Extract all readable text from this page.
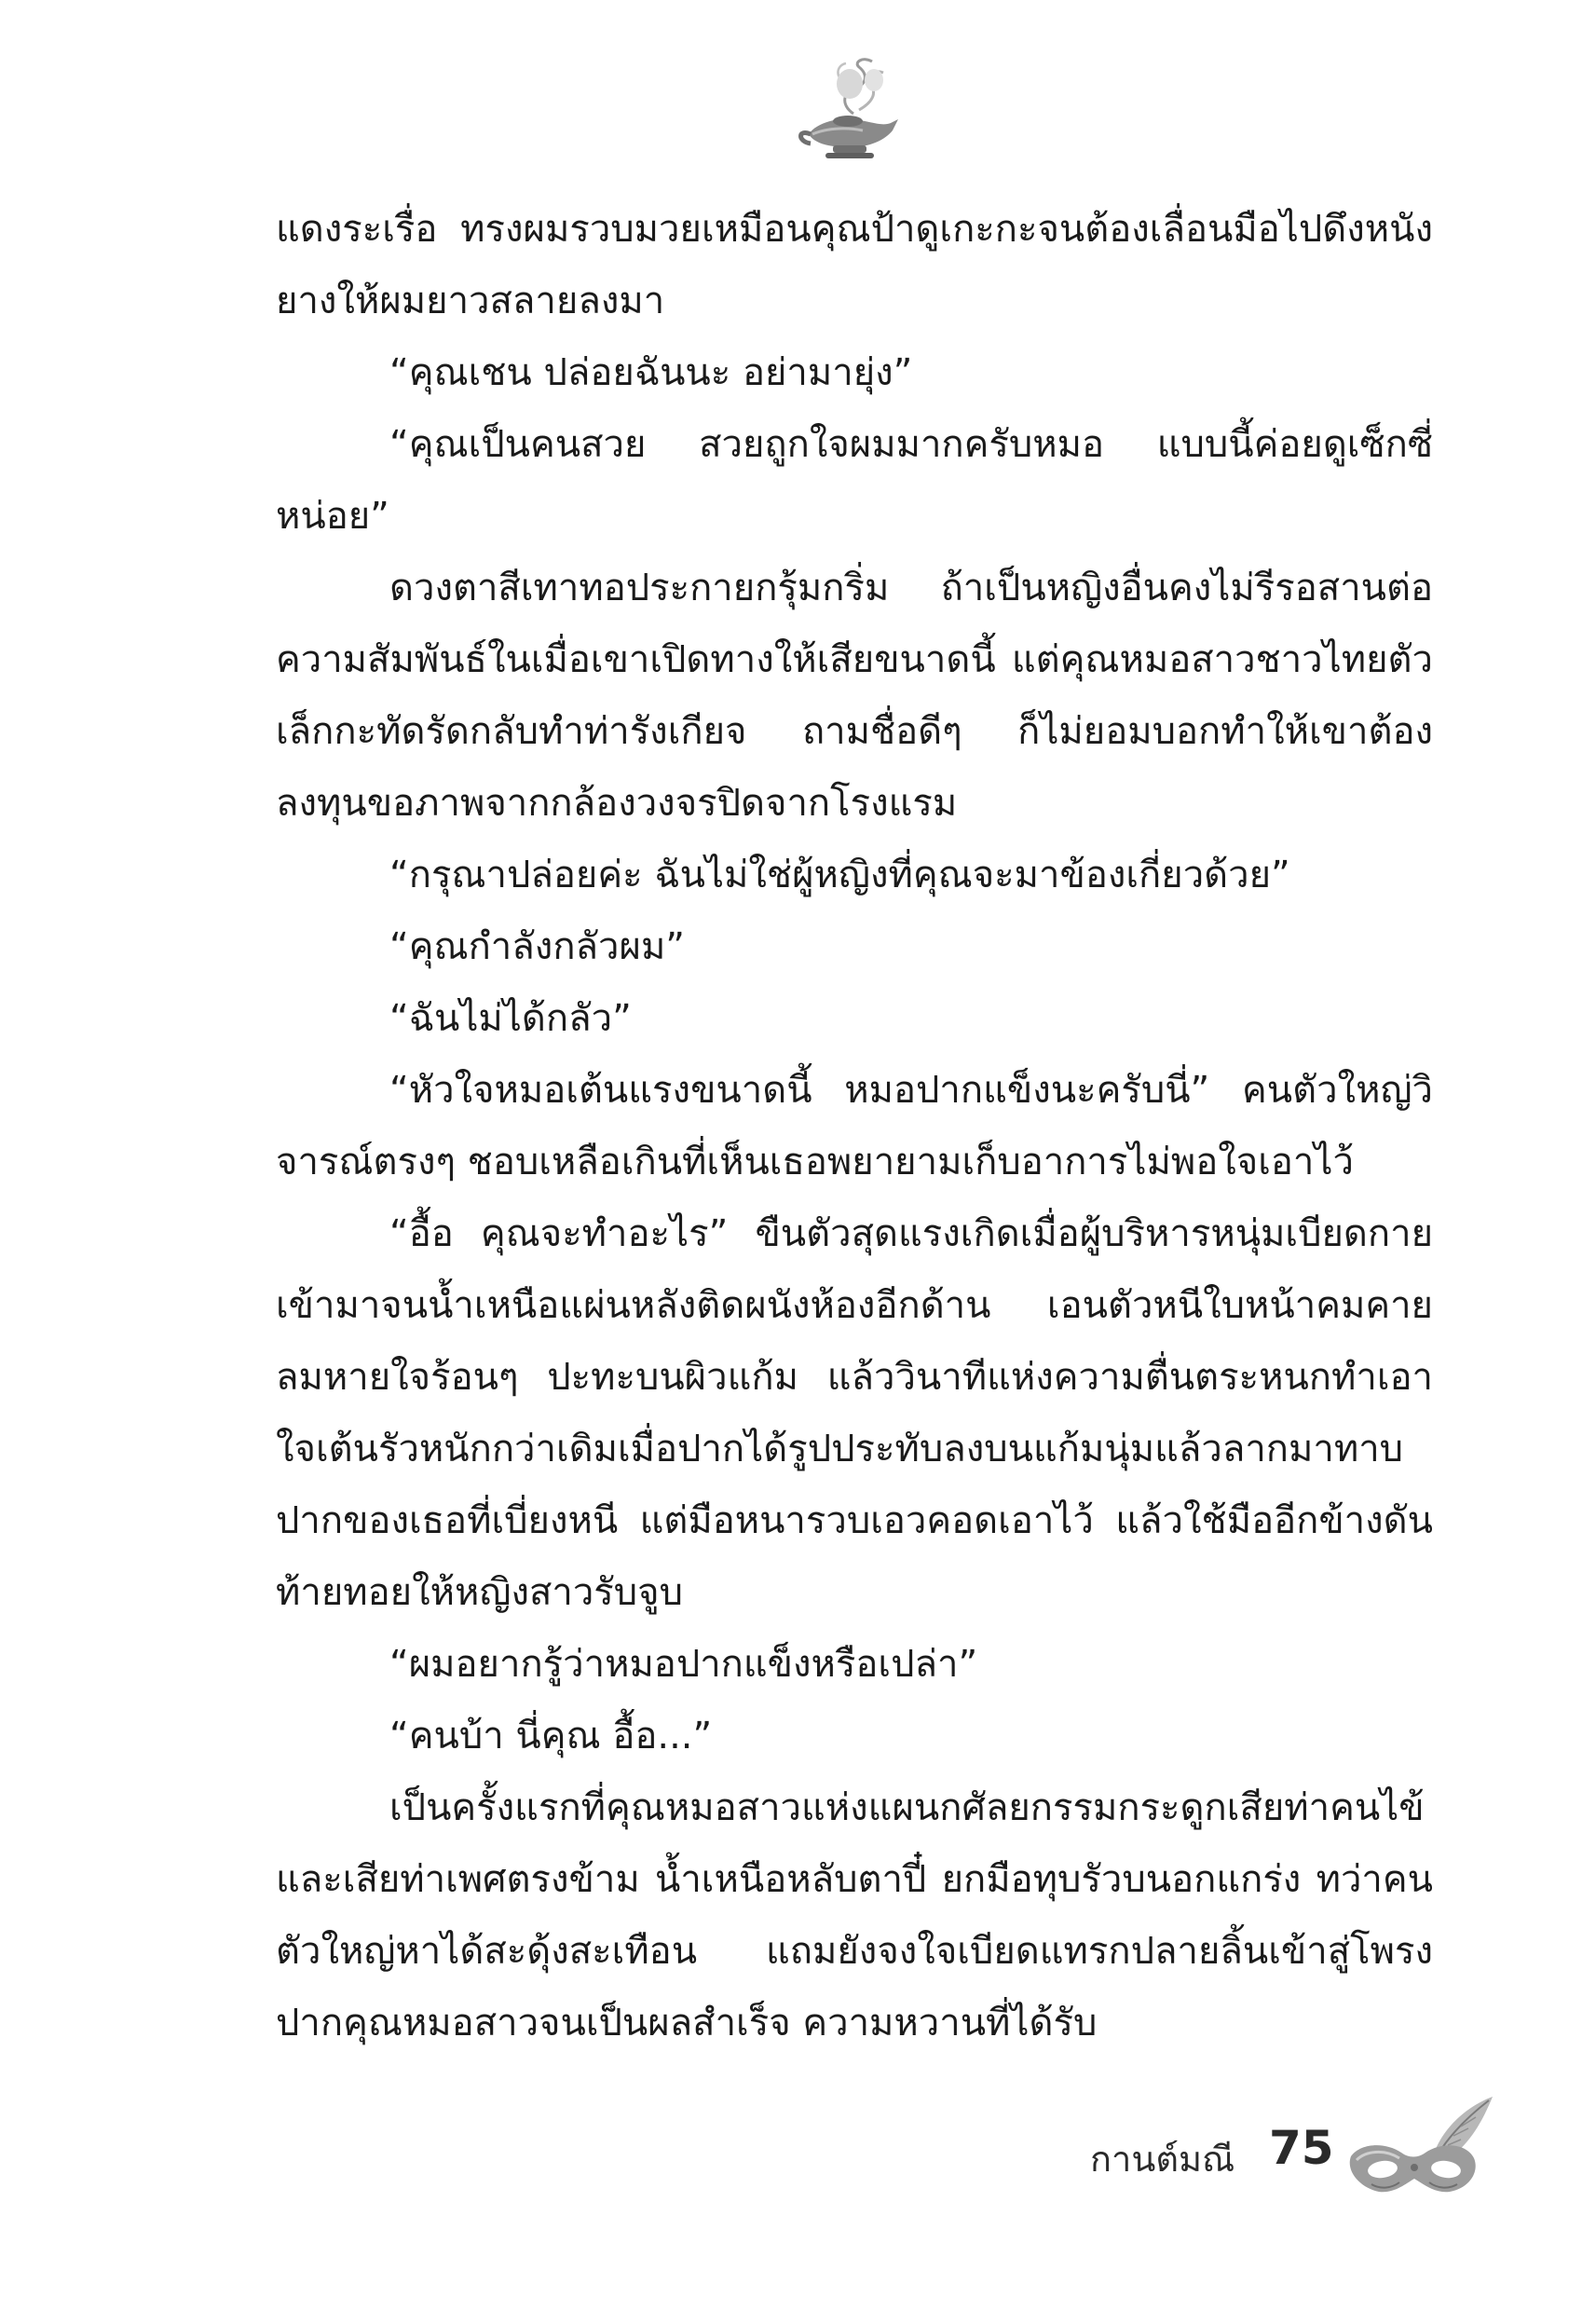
แดงระเรื่อ ทรงผมรวบมวยเหมือนคุณป้าดูเกะกะจนต้องเลื่อนมือไปดึงหนังยางให้ผมยาวสลายลงมา

“คุณเชน ปล่อยฉันนะ อย่ามายุ่ง”

“คุณเป็นคนสวย สวยถูกใจผมมากครับหมอ แบบนี้ค่อยดูเซ็กซี่หน่อย”

ดวงตาสีเทาทอประกายกรุ้มกริ่ม ถ้าเป็นหญิงอื่นคงไม่รีรอสานต่อความสัมพันธ์ในเมื่อเขาเปิดทางให้เสียขนาดนี้ แต่คุณหมอสาวชาวไทยตัวเล็กกะทัดรัดกลับทำท่ารังเกียจ ถามชื่อดีๆ ก็ไม่ยอมบอกทำให้เขาต้องลงทุนขอภาพจากกล้องวงจรปิดจากโรงแรม

“กรุณาปล่อยค่ะ ฉันไม่ใช่ผู้หญิงที่คุณจะมาข้องเกี่ยวด้วย”

“คุณกำลังกลัวผม”

“ฉันไม่ได้กลัว”

“หัวใจหมอเต้นแรงขนาดนี้ หมอปากแข็งนะครับนี่” คนตัวใหญ่วิจารณ์ตรงๆ ชอบเหลือเกินที่เห็นเธอพยายามเก็บอาการไม่พอใจเอาไว้

“อื้อ คุณจะทำอะไร” ขืนตัวสุดแรงเกิดเมื่อผู้บริหารหนุ่มเบียดกายเข้ามาจนน้ำเหนือแผ่นหลังติดผนังห้องอีกด้าน เอนตัวหนีใบหน้าคมคายลมหายใจร้อนๆ ปะทะบนผิวแก้ม แล้ววินาทีแห่งความตื่นตระหนกทำเอาใจเต้นรัวหนักกว่าเดิมเมื่อปากได้รูปประทับลงบนแก้มนุ่มแล้วลากมาทาบปากของเธอที่เบี่ยงหนี แต่มือหนารวบเอวคอดเอาไว้ แล้วใช้มืออีกข้างดันท้ายทอยให้หญิงสาวรับจูบ

“ผมอยากรู้ว่าหมอปากแข็งหรือเปล่า”

“คนบ้า นี่คุณ อื้อ...”

เป็นครั้งแรกที่คุณหมอสาวแห่งแผนกศัลยกรรมกระดูกเสียท่าคนไข้ และเสียท่าเพศตรงข้าม น้ำเหนือหลับตาปี๋ ยกมือทุบรัวบนอกแกร่ง ทว่าคนตัวใหญ่หาได้สะดุ้งสะเทือน แถมยังจงใจเบียดแทรกปลายลิ้นเข้าสู่โพรงปากคุณหมอสาวจนเป็นผลสำเร็จ ความหวานที่ได้รับ

กานต์มณี 75
